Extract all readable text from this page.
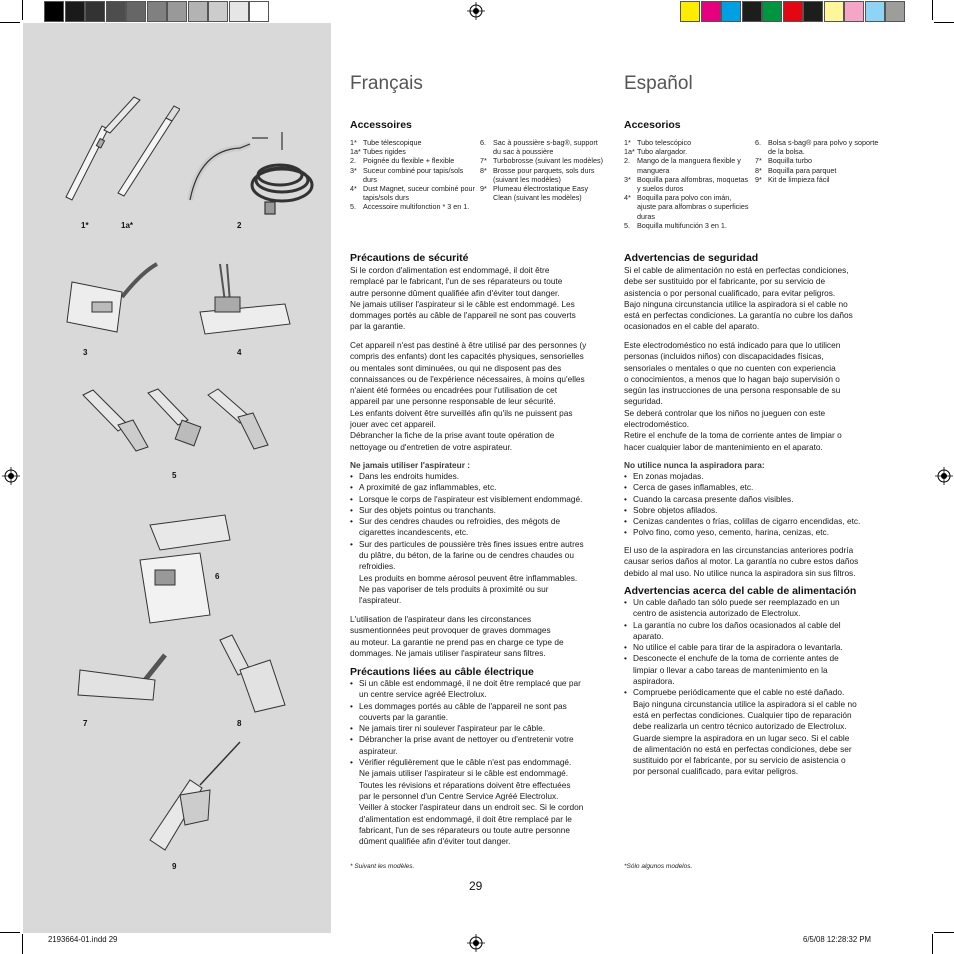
1*	1a*	2
3	4
5
6
7	8
9
Français
Accessoires
1* Tube télescopique
1a* Tubes rigides
2. Poignée du flexible + flexible
3* Suceur combiné pour tapis/sols durs
4* Dust Magnet, suceur combiné pour tapis/sols durs
5. Accessoire multifonction * 3 en 1.
6. Sac à poussière s-bag®, support du sac à poussière
7* Turbobrosse (suivant les modèles)
8* Brosse pour parquets, sols durs (suivant les modèles)
9* Plumeau électrostatique Easy Clean (suivant les modèles)
Précautions de sécurité
Si le cordon d'alimentation est endommagé, il doit être
remplacé par le fabricant, l'un de ses réparateurs ou toute
autre personne dûment qualifiée afin d'éviter tout danger.
Ne jamais utiliser l'aspirateur si le câble est endommagé. Les
dommages portés au câble de l'appareil ne sont pas couverts
par la garantie.
Cet appareil n'est pas destiné à être utilisé par des personnes (y
compris des enfants) dont les capacités physiques, sensorielles
ou mentales sont diminuées, ou qui ne disposent pas des
connaissances ou de l'expérience nécessaires, à moins qu'elles
n'aient été formées ou encadrées pour l'utilisation de cet
appareil par une personne responsable de leur sécurité.
Les enfants doivent être surveillés afin qu'ils ne puissent pas
jouer avec cet appareil.
Débrancher la fiche de la prise avant toute opération de
nettoyage ou d'entretien de votre aspirateur.
Ne jamais utiliser l'aspirateur :
• Dans les endroits humides.
• A proximité de gaz inflammables, etc.
• Lorsque le corps de l'aspirateur est visiblement endommagé.
• Sur des objets pointus ou tranchants.
• Sur des cendres chaudes ou refroidies, des mégots de
cigarettes incandescents, etc.
• Sur des particules de poussière très fines issues entre autres
du plâtre, du béton, de la farine ou de cendres chaudes ou
refroidies.
Les produits en bomme aérosol peuvent être inflammables.
Ne pas vaporiser de tels produits à proximité ou sur
l'aspirateur.
L'utilisation de l'aspirateur dans les circonstances
susmentionnées peut provoquer de graves dommages
au moteur. La garantie ne prend pas en charge ce type de
dommages. Ne jamais utiliser l'aspirateur sans filtres.
Précautions liées au câble électrique
• Si un câble est endommagé, il ne doit être remplacé que par
un centre service agréé Electrolux.
• Les dommages portés au câble de l'appareil ne sont pas
couverts par la garantie.
• Ne jamais tirer ni soulever l'aspirateur par le câble.
• Débrancher la prise avant de nettoyer ou d'entretenir votre
aspirateur.
• Vérifier régulièrement que le câble n'est pas endommagé.
Ne jamais utiliser l'aspirateur si le câble est endommagé.
Toutes les révisions et réparations doivent être effectuées
par le personnel d'un Centre Service Agréé Electrolux.
Veiller à stocker l'aspirateur dans un endroit sec. Si le cordon
d'alimentation est endommagé, il doit être remplacé par le
fabricant, l'un de ses réparateurs ou toute autre personne
dûment qualifiée afin d'éviter tout danger.
* Suivant les modèles.
Español
Accesorios
1* Tubo telescópico
1a* Tubo alargador.
2. Mango de la manguera flexible y manguera
3* Boquilla para alfombras, moquetas y suelos duros
4* Boquilla para polvo con imán, ajuste para alfombras o superficies duras
5. Boquilla multifunción 3 en 1.
6. Bolsa s-bag® para polvo y soporte de la bolsa.
7* Boquilla turbo
8* Boquilla para parquet
9* Kit de limpieza fácil
Advertencias de seguridad
Si el cable de alimentación no está en perfectas condiciones,
debe ser sustituido por el fabricante, por su servicio de
asistencia o por personal cualificado, para evitar peligros.
Bajo ninguna circunstancia utilice la aspiradora si el cable no
está en perfectas condiciones. La garantía no cubre los daños
ocasionados en el cable del aparato.
Este electrodoméstico no está indicado para que lo utilicen
personas (incluidos niños) con discapacidades físicas,
sensoriales o mentales o que no cuenten con experiencia
o conocimientos, a menos que lo hagan bajo supervisión o
según las instrucciones de una persona responsable de su
seguridad.
Se deberá controlar que los niños no jueguen con este
electrodoméstico.
Retire el enchufe de la toma de corriente antes de limpiar o
hacer cualquier labor de mantenimiento en el aparato.
No utilice nunca la aspiradora para:
• En zonas mojadas.
• Cerca de gases inflamables, etc.
• Cuando la carcasa presente daños visibles.
• Sobre objetos afilados.
• Cenizas candentes o frías, colillas de cigarro encendidas, etc.
• Polvo fino, como yeso, cemento, harina, cenizas, etc.
El uso de la aspiradora en las circunstancias anteriores podría
causar serios daños al motor. La garantía no cubre estos daños
debido al mal uso. No utilice nunca la aspiradora sin sus filtros.
Advertencias acerca del cable de alimentación
• Un cable dañado tan sólo puede ser reemplazado en un
centro de asistencia autorizado de Electrolux.
• La garantía no cubre los daños ocasionados al cable del
aparato.
• No utilice el cable para tirar de la aspiradora o levantarla.
• Desconecte el enchufe de la toma de corriente antes de
limpiar o llevar a cabo tareas de mantenimiento en la
aspiradora.
• Compruebe periódicamente que el cable no esté dañado.
Bajo ninguna circunstancia utilice la aspiradora si el cable no
está en perfectas condiciones. Cualquier tipo de reparación
debe realizarla un centro técnico autorizado de Electrolux.
Guarde siempre la aspiradora en un lugar seco. Si el cable
de alimentación no está en perfectas condiciones, debe ser
sustituido por el fabricante, por su servicio de asistencia o
por personal cualificado, para evitar peligros.
*Sólo algunos modelos.
29
2193664-01.indd 29	6/5/08 12:28:32 PM
